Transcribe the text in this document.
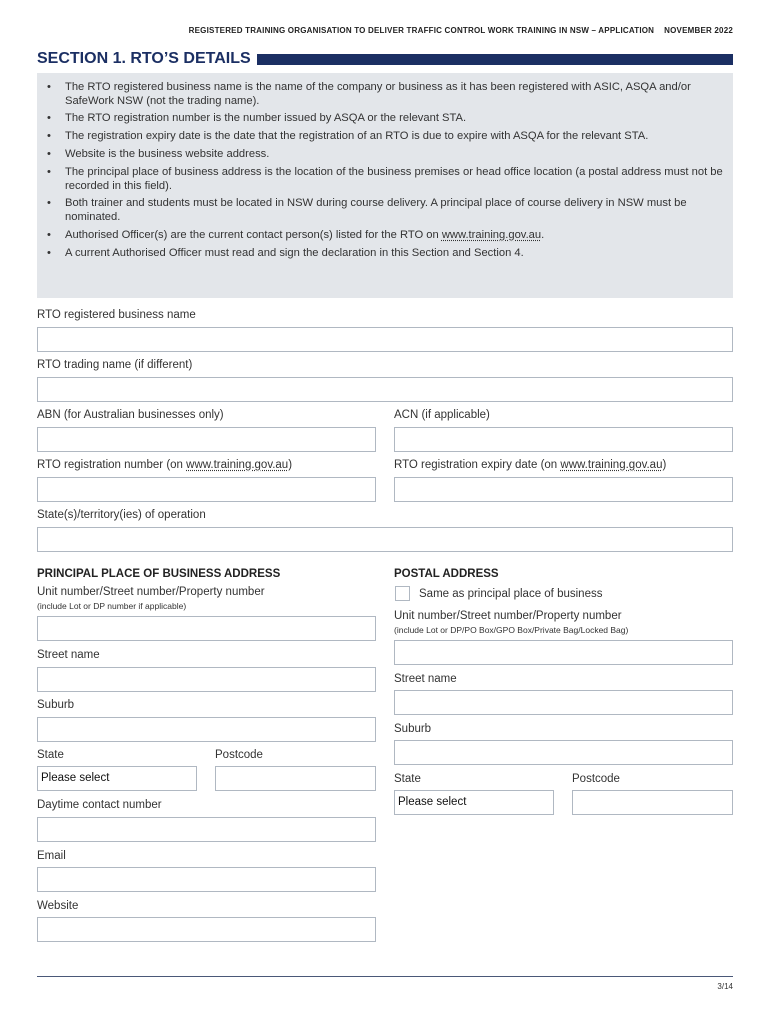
REGISTERED TRAINING ORGANISATION TO DELIVER TRAFFIC CONTROL WORK TRAINING IN NSW – APPLICATION NOVEMBER 2022
SECTION 1. RTO’S DETAILS
• The RTO registered business name is the name of the company or business as it has been registered with ASIC, ASQA and/or SafeWork NSW (not the trading name).
• The RTO registration number is the number issued by ASQA or the relevant STA.
• The registration expiry date is the date that the registration of an RTO is due to expire with ASQA for the relevant STA.
• Website is the business website address.
• The principal place of business address is the location of the business premises or head office location (a postal address must not be recorded in this field).
• Both trainer and students must be located in NSW during course delivery. A principal place of course delivery in NSW must be nominated.
• Authorised Officer(s) are the current contact person(s) listed for the RTO on www.training.gov.au.
• A current Authorised Officer must read and sign the declaration in this Section and Section 4.
RTO registered business name
RTO trading name (if different)
ABN (for Australian businesses only)	ACN (if applicable)
RTO registration number (on www.training.gov.au)	RTO registration expiry date (on www.training.gov.au)
State(s)/territory(ies) of operation
PRINCIPAL PLACE OF BUSINESS ADDRESS
Unit number/Street number/Property number
(include Lot or DP number if applicable)
Street name
Suburb
State
Please select
Postcode
Daytime contact number
Email
Website
POSTAL ADDRESS
Same as principal place of business
Unit number/Street number/Property number
(include Lot or DP/PO Box/GPO Box/Private Bag/Locked Bag)
Street name
Suburb
State
Please select
Postcode
3/14
